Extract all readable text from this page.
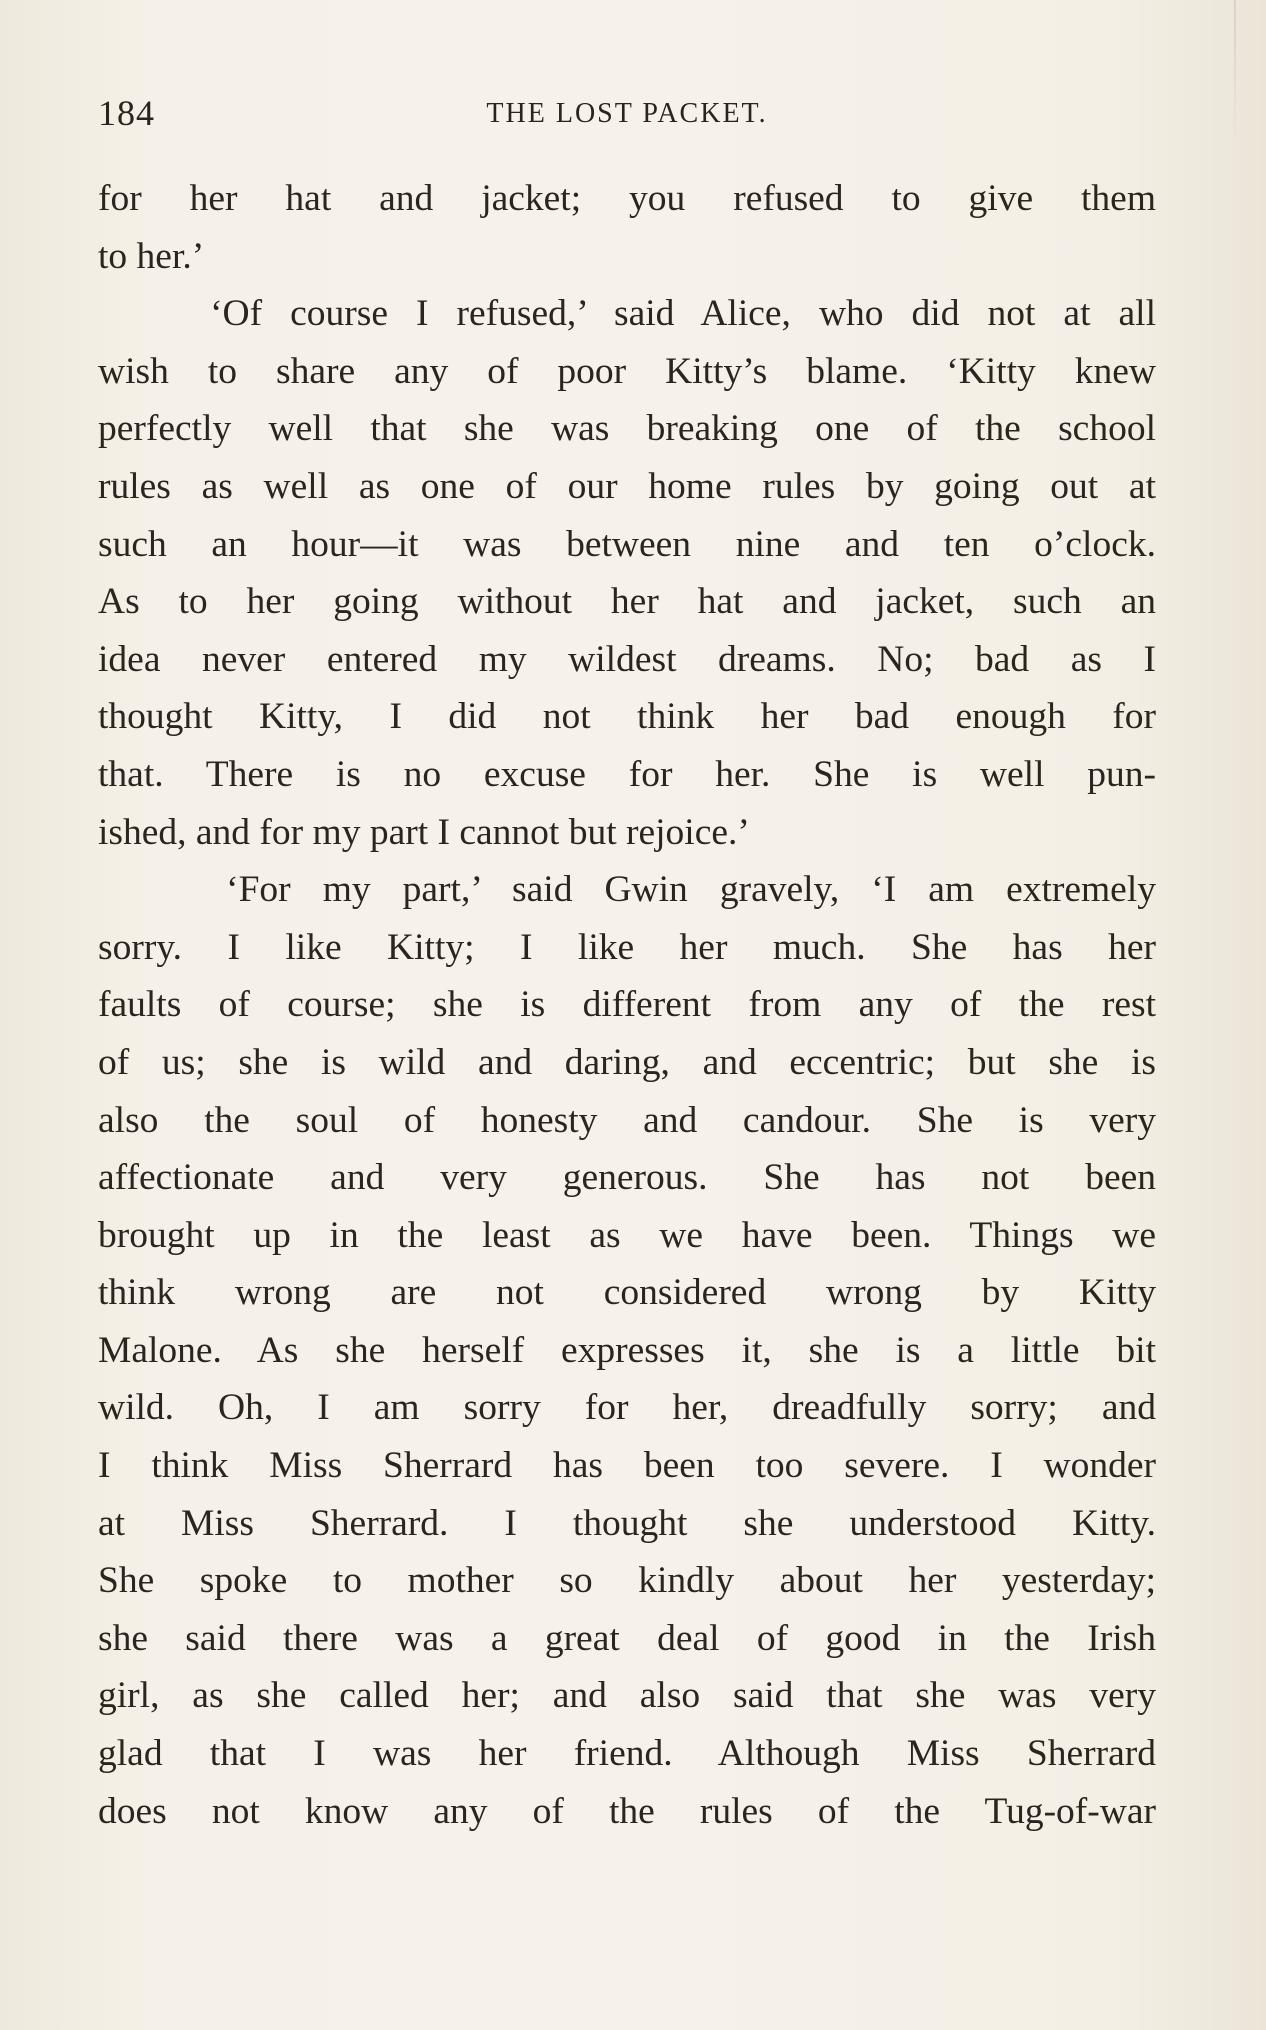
184	THE LOST PACKET.
for her hat and jacket; you refused to give them
to her.’
‘Of course I refused,’ said Alice, who did not at all
wish to share any of poor Kitty’s blame. ‘Kitty knew
perfectly well that she was breaking one of the school
rules as well as one of our home rules by going out at
such an hour—it was between nine and ten o’clock.
As to her going without her hat and jacket, such an
idea never entered my wildest dreams. No; bad as I
thought Kitty, I did not think her bad enough for
that. There is no excuse for her. She is well pun-
ished, and for my part I cannot but rejoice.’
‘For my part,’ said Gwin gravely, ‘I am extremely
sorry. I like Kitty; I like her much. She has her
faults of course; she is different from any of the rest
of us; she is wild and daring, and eccentric; but she is
also the soul of honesty and candour. She is very
affectionate and very generous. She has not been
brought up in the least as we have been. Things we
think wrong are not considered wrong by Kitty
Malone. As she herself expresses it, she is a little bit
wild. Oh, I am sorry for her, dreadfully sorry; and
I think Miss Sherrard has been too severe. I wonder
at Miss Sherrard. I thought she understood Kitty.
She spoke to mother so kindly about her yesterday;
she said there was a great deal of good in the Irish
girl, as she called her; and also said that she was very
glad that I was her friend. Although Miss Sherrard
does not know any of the rules of the Tug-of-war
